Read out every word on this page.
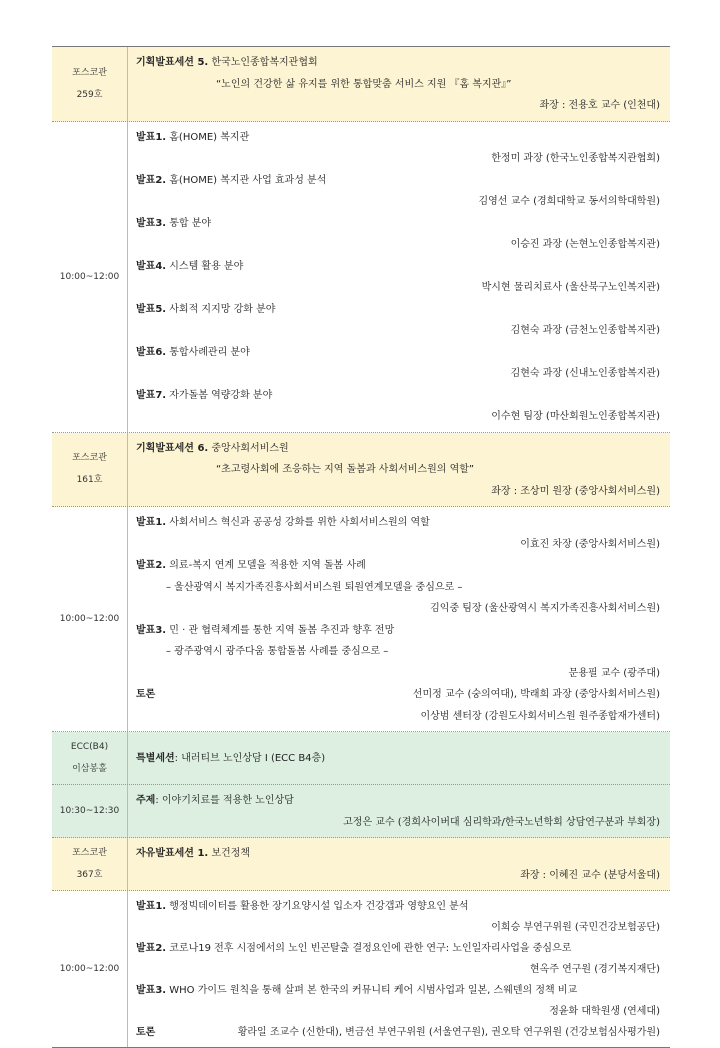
포스코관
259호
기획발표세션 5. 한국노인종합복지관협회
“노인의 건강한 삶 유지를 위한 통합맞춤 서비스 지원 『홈 복지관』”
좌장 : 전용호 교수 (인천대)
10:00~12:00
발표1. 홈(HOME) 복지관
한정미 과장 (한국노인종합복지관협회)
발표2. 홈(HOME) 복지관 사업 효과성 분석
김영선 교수 (경희대학교 동서의학대학원)
발표3. 통합 분야
이승진 과장 (논현노인종합복지관)
발표4. 시스템 활용 분야
박시현 물리치료사 (울산북구노인복지관)
발표5. 사회적 지지망 강화 분야
김현숙 과장 (금천노인종합복지관)
발표6. 통합사례관리 분야
김현숙 과장 (신내노인종합복지관)
발표7. 자가돌봄 역량강화 분야
이수현 팀장 (마산회원노인종합복지관)
포스코관
161호
기획발표세션 6. 중앙사회서비스원
“초고령사회에 조응하는 지역 돌봄과 사회서비스원의 역할”
좌장 : 조상미 원장 (중앙사회서비스원)
10:00~12:00
발표1. 사회서비스 혁신과 공공성 강화를 위한 사회서비스원의 역할
이효진 차장 (중앙사회서비스원)
발표2. 의료-복지 연계 모델을 적용한 지역 돌봄 사례
– 울산광역시 복지가족진흥사회서비스원 퇴원연계모델을 중심으로 –
김익중 팀장 (울산광역시 복지가족진흥사회서비스원)
발표3. 민 · 관 협력체계를 통한 지역 돌봄 추진과 향후 전망
– 광주광역시 광주다움 통합돌봄 사례를 중심으로 –
문용필 교수 (광주대)
토론	선미정 교수 (숭의여대), 박래희 과장 (중앙사회서비스원)
이상범 센터장 (강원도사회서비스원 원주종합재가센터)
ECC(B4)
이삼봉홀
특별세션: 내러티브 노인상담 I (ECC B4층)
10:30~12:30
주제: 이야기치료를 적용한 노인상담
고정은 교수 (경희사이버대 심리학과/한국노년학회 상담연구분과 부회장)
포스코관
367호
자유발표세션 1. 보건정책
좌장 : 이혜진 교수 (분당서울대)
10:00~12:00
발표1. 행정빅데이터를 활용한 장기요양시설 입소자 건강갭과 영향요인 분석
이희승 부연구위원 (국민건강보험공단)
발표2. 코로나19 전후 시점에서의 노인 빈곤탈출 결정요인에 관한 연구: 노인일자리사업을 중심으로
현옥주 연구원 (경기복지재단)
발표3. WHO 가이드 원칙을 통해 살펴 본 한국의 커뮤니티 케어 시범사업과 일본, 스웨덴의 정책 비교
정윤화 대학원생 (연세대)
토론	황라일 조교수 (신한대), 변금선 부연구위원 (서울연구원), 권오탁 연구위원 (건강보험심사평가원)
